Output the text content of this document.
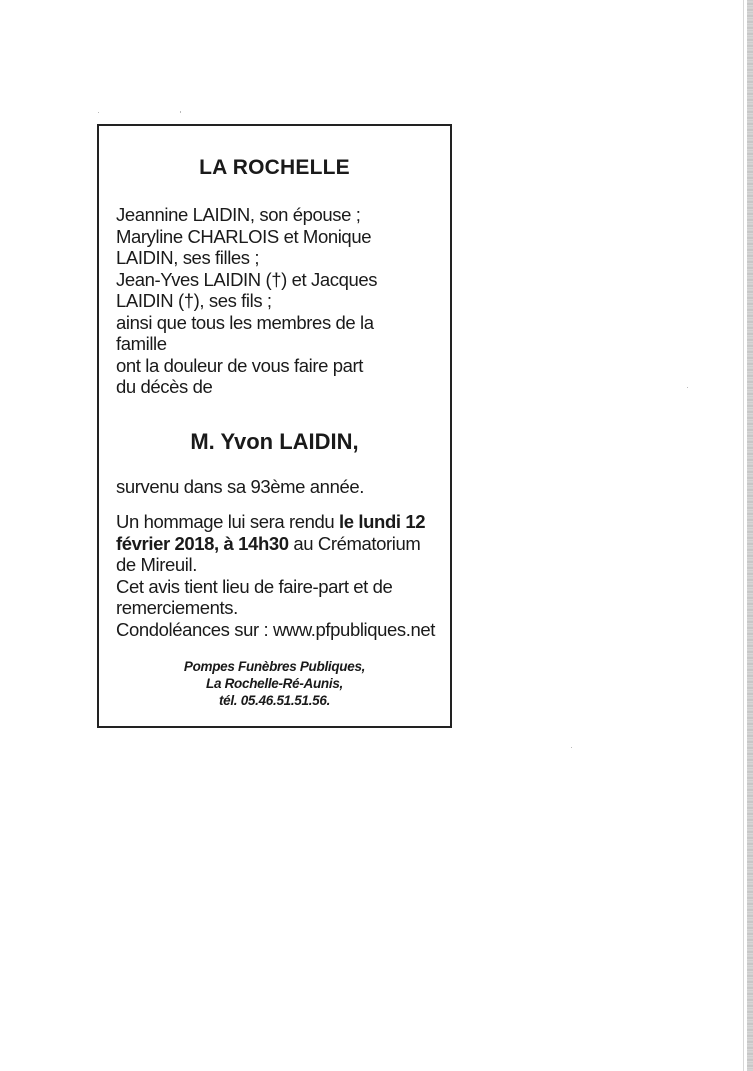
LA ROCHELLE
Jeannine LAIDIN, son épouse ;
Maryline CHARLOIS et Monique
LAIDIN, ses filles ;
Jean-Yves LAIDIN (†) et Jacques
LAIDIN (†), ses fils ;
ainsi que tous les membres de la
famille
ont la douleur de vous faire part
du décès de
M. Yvon LAIDIN,

survenu dans sa 93ème année.

Un hommage lui sera rendu le lundi 12
février 2018, à 14h30 au Crématorium
de Mireuil.
Cet avis tient lieu de faire-part et de
remerciements.
Condoléances sur : www.pfpubliques.net
Pompes Funèbres Publiques,
La Rochelle-Ré-Aunis,
tél. 05.46.51.51.56.
